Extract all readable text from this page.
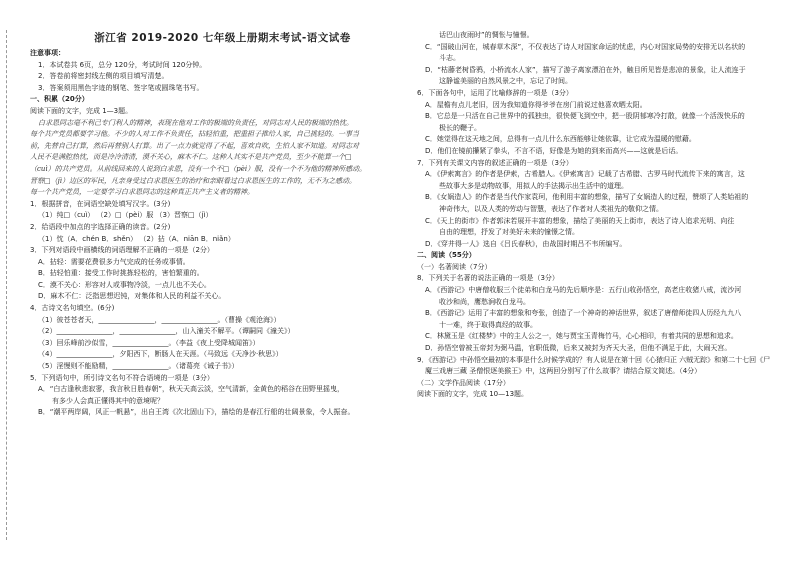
浙江省 2019-2020 七年级上册期末考试-语文试卷
注意事项：
1．本试卷共 6页，总分 120分，考试时间 120分钟。
2．答卷前将密封线左侧的项目填写清楚。
3．答案须用黑色字迹的钢笔、签字笔或圆珠笔书写。
一、积累（20分）
阅读下面的文字，完成 1—3题。
白求恩同志毫不利己专门利人的精神，表现在他对工作的极端的负责任，对同志对人民的极端的热忱。
每个共产党员都要学习他。不少的人对工作不负责任，拈轻怕重，把重担子推给人家，自己挑轻的。一事当
前，先替自己打算，然后再替别人打算。出了一点力就觉得了不起，喜欢自吹，生怕人家不知道。对同志对
人民不是满腔热忱，而是冷冷清清，漠不关心，麻木不仁。这种人其实不是共产党员，至少不能算一个□
（cuì）的共产党员。从前线回来的人说到白求恩，没有一个不□（pèi）服，没有一个不为他的精神所感动。
晋察□（jì）边区的军民，凡亲身受过白求恩医生的治疗和亲眼看过白求恩医生的工作的，无不为之感动。
每一个共产党员，一定要学习白求恩同志的这种真正共产主义者的精神。
1．根据拼音，在词语空缺处填写汉字。(3分)
（1）纯□（cuì） （2）□（pèi）服 （3）晋察□（jì）
2．给语段中加点的字选择正确的读音。(2分)
（1）忱（A．chén B．shěn） （2）拈（A．niān B．niǎn）
3．下列对语段中画横线的词语理解不正确的一项是（2分）
A．拈轻：需要花费很多力气完成的任务或事情。
B．拈轻怕重：接受工作时挑拣轻松的，害怕繁重的。
C．漠不关心：形容对人或事物冷淡，一点儿也不关心。
D．麻木不仁：泛指思想迟钝，对集体和人民的利益不关心。
4．古诗文名句填空。(6分)
（1）彼苍苍者天，________________，________________。（曹操《观沧海》）
（2）________________，________________，山入潼关不解平。（谭嗣同《潼关》）
（3）回乐峰前沙似雪，________________。（李益《夜上受降城闻笛》）
（4）________________，夕阳西下，断肠人在天涯。（马致远《天净沙·秋思》）
（5）淫慢则不能励精，________________。（诸葛亮《诫子书》）
5．下列语句中，所引诗文名句不符合语境的一项是（3分）
A．“白古逢秋悲寂寥，我言秋日胜春朝”，秋天天高云淡，空气清新，金黄色的稻谷在田野里摇曳，
有多少人会真正懂得其中的意境呢？
B．“潮平两岸阔，风正一帆悬”，出自王湾《次北固山下》，描绘的是春江行船的壮阔景象，令人振奋。
话巴山夜雨时”的惆怅与憧憬。
C．“国破山河在，城春草木深”，不仅表达了诗人对国家命运的忧虑，内心对国家局势的安排无以名状的
斗志。
D．“枯藤老树昏鸦，小桥流水人家”，描写了游子离家漂泊在外，触目所见皆是悲凉的景象，让人流连于
这静谧美丽的自然风景之中，忘记了时间。
6．下面各句中，运用了比喻修辞的一项是（3分）
A．屋檐有点儿老旧，因为我知道你得爷爷在房门前说过他喜欢晒太阳。
B．它总是一只活在自己世界中的孤独虫，很快便飞到空中，把一股阴郁寒冷打散，就像一个活泼快乐的
极长的鞭子。
C．她觉得在这天地之间，总得有一点儿什么东西能够让她依靠，让它成为温暖的慰藉。
D．他们在镜前攥紧了拳头，不言不语，好像是为她的到来而高兴——这就是后话。
7．下列有关课文内容的叙述正确的一项是（3分）
A．《伊索寓言》的作者是伊索，古希腊人。《伊索寓言》记载了古希腊、古罗马时代流传下来的寓言，这
些故事大多是动物故事，用拟人的手法揭示出生活中的道理。
B．《女娲造人》的作者是当代作家袁珂，他利用丰富的想象，描写了女娲造人的过程，赞颂了人类始祖的
神奇伟大，以及人类的劳动与智慧，表达了作者对人类祖先的敬仰之情。
C．《天上的街市》作者郭沫若展开丰富的想象，描绘了美丽的天上街市，表达了诗人追求光明、向往
自由的理想，抒发了对美好未来的憧憬之情。
D．《穿井得一人》选自《吕氏春秋》，由战国时期吕不韦所编写。
二、阅读（55分）
（一）名著阅读（7分）
8．下列关于名著的说法正确的一项是（3分）
A．《西游记》中唐僧收服三个徒弟和白龙马的先后顺序是：五行山收孙悟空，高老庄收猪八戒，流沙河
收沙和尚，鹰愁涧收白龙马。
B．《西游记》运用了丰富的想象和夸张，创造了一个神奇的神话世界，叙述了唐僧师徒四人历经九九八
十一难，终于取得真经的故事。
C．林黛玉是《红楼梦》中的主人公之一，她与贾宝玉青梅竹马，心心相印，有着共同的思想和追求。
D．孙悟空曾被玉帝封为弼马温，官职低微，后来又被封为齐天大圣，但他不满足于此，大闹天宫。
9．《西游记》中孙悟空最初的本事是什么时候学成的？有人说是在第十回《心猿归正 六贼无踪》和第二十七回《尸
魔三戏唐三藏 圣僧恨逐美猴王》中，这两回分别写了什么故事？请结合原文简述。（4分）
（二）文学作品阅读（17分）
阅读下面的文字，完成 10—13题。
